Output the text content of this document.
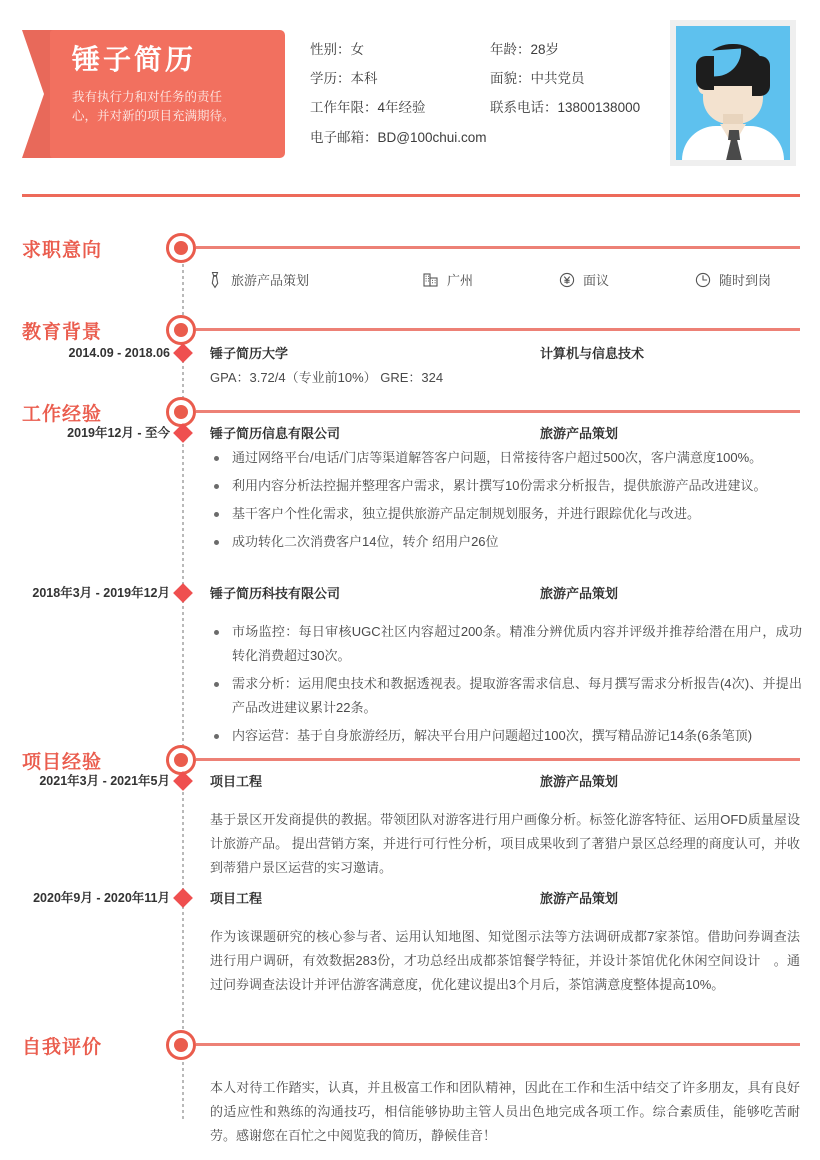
锤子简历
我有执行力和对任务的责任心，并对新的项目充满期待。
性别：女	年龄：28岁
学历：本科	面貌：中共党员
工作年限：4年经验	联系电话：13800138000
电子邮箱：BD@100chui.com
求职意向
旅游产品策划	广州	面议	随时到岗
教育背景
2014.09 - 2018.06	锤子简历大学	计算机与信息技术
GPA：3.72/4（专业前10%） GRE：324
工作经验
2019年12月 - 至今	锤子简历信息有限公司	旅游产品策划
通过网络平台/电话/门店等渠道解答客户问题，日常接待客户超过500次，客户满意度100%。
利用内容分析法控掘并整理客户需求，累计撰写10份需求分析报告，提供旅游产品改进建议。
基干客户个性化需求，独立提供旅游产品定制规划服务，并进行跟踪优化与改进。
成功转化二次消费客户14位，转介 绍用户26位
2018年3月 - 2019年12月	锤子简历科技有限公司	旅游产品策划
市场监控：每日审核UGC社区内容超过200条。精准分辨优质内容并评级并推荐给潜在用户，成功转化消费超过30次。
需求分析：运用爬虫技术和教据透视表。提取游客需求信息、每月撰写需求分析报告(4次)、并提出产品改进建议累计22条。
内容运营：基于自身旅游经历，解决平台用户问题超过100次，撰写精品游记14条(6条笔顶)
项目经验
2021年3月 - 2021年5月	项目工程	旅游产品策划
基于景区开发商提供的教据。带领团队对游客进行用户画像分析。标签化游客特征、运用OFD质量屋设计旅游产品。 提出营销方案，并进行可行性分析，项目成果收到了著猎户景区总经理的商度认可，并收到蒂猎户景区运营的实习邀请。
2020年9月 - 2020年11月	项目工程	旅游产品策划
作为该课题研究的核心参与者、运用认知地图、知觉图示法等方法调研成都7家茶馆。借助问券调查法进行用户调研，有效数据283份，才功总经出成都茶馆餐学特征，并设计茶馆优化休闲空间设计　。通过问券调查法设计并评估游客满意度，优化建议提出3个月后，茶馆满意度整体提高10%。
自我评价
本人对待工作踏实，认真，并且极富工作和团队精神，因此在工作和生活中结交了许多朋友，具有良好的适应性和熟练的沟通技巧，相信能够协助主管人员出色地完成各项工作。综合素质佳，能够吃苦耐劳。感谢您在百忙之中阅览我的简历，静候佳音！
